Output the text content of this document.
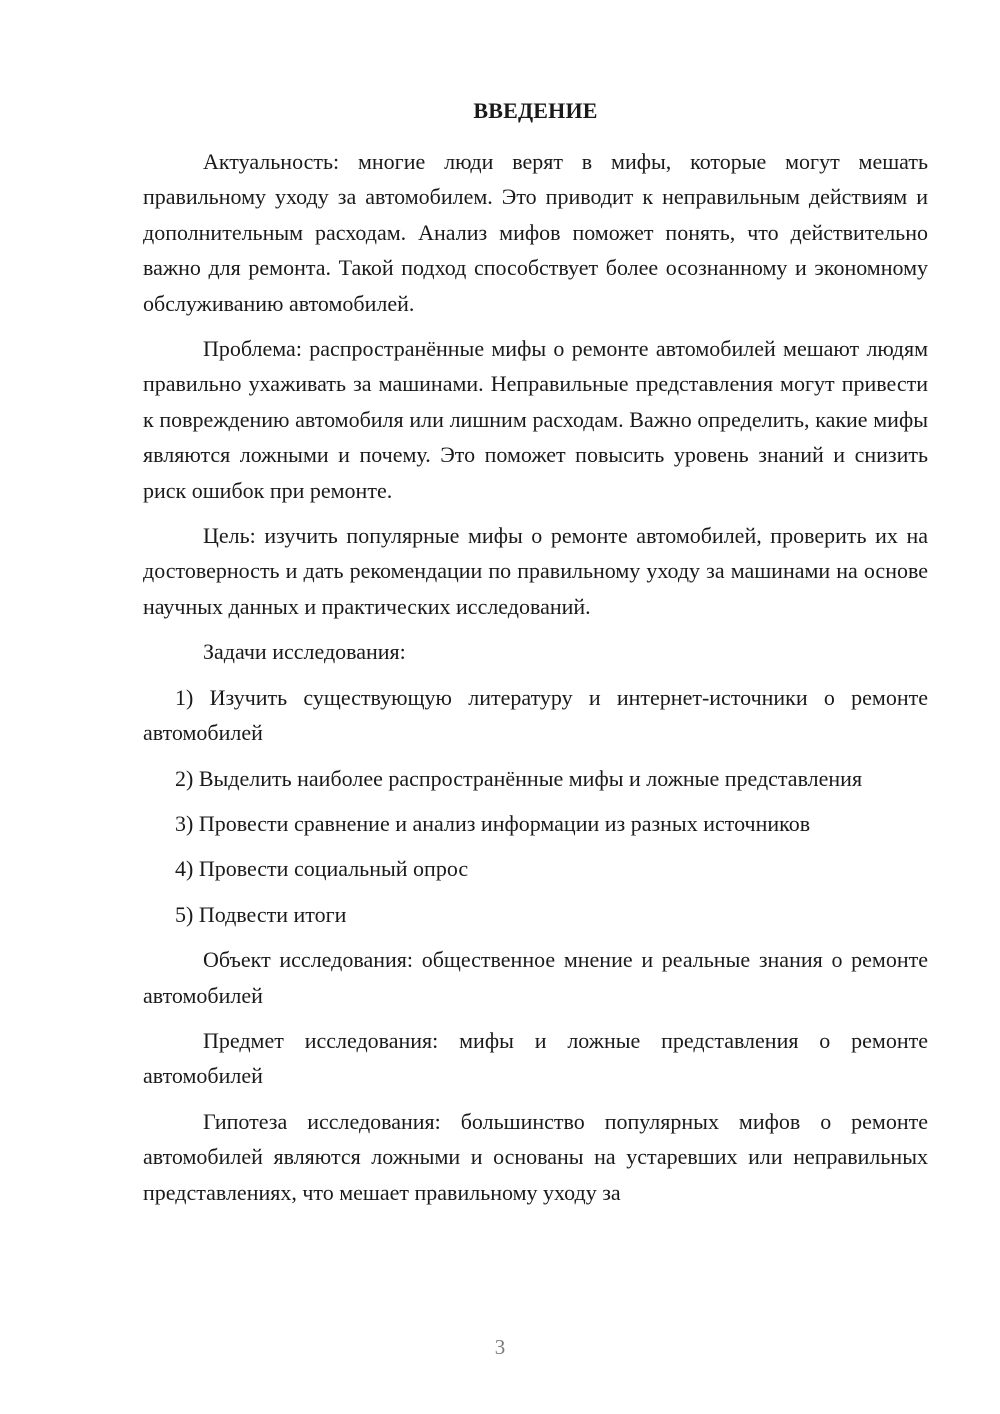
ВВЕДЕНИЕ

Актуальность: многие люди верят в мифы, которые могут мешать правильному уходу за автомобилем. Это приводит к неправильным действиям и дополнительным расходам. Анализ мифов поможет понять, что действительно важно для ремонта. Такой подход способствует более осознанному и экономному обслуживанию автомобилей.

Проблема: распространённые мифы о ремонте автомобилей мешают людям правильно ухаживать за машинами. Неправильные представления могут привести к повреждению автомобиля или лишним расходам. Важно определить, какие мифы являются ложными и почему. Это поможет повысить уровень знаний и снизить риск ошибок при ремонте.

Цель: изучить популярные мифы о ремонте автомобилей, проверить их на достоверность и дать рекомендации по правильному уходу за машинами на основе научных данных и практических исследований.

Задачи исследования:

1) Изучить существующую литературу и интернет-источники о ремонте автомобилей

2) Выделить наиболее распространённые мифы и ложные представления

3) Провести сравнение и анализ информации из разных источников

4) Провести социальный опрос

5) Подвести итоги

Объект исследования: общественное мнение и реальные знания о ремонте автомобилей

Предмет исследования: мифы и ложные представления о ремонте автомобилей

Гипотеза исследования: большинство популярных мифов о ремонте автомобилей являются ложными и основаны на устаревших или неправильных представлениях, что мешает правильному уходу за

3
